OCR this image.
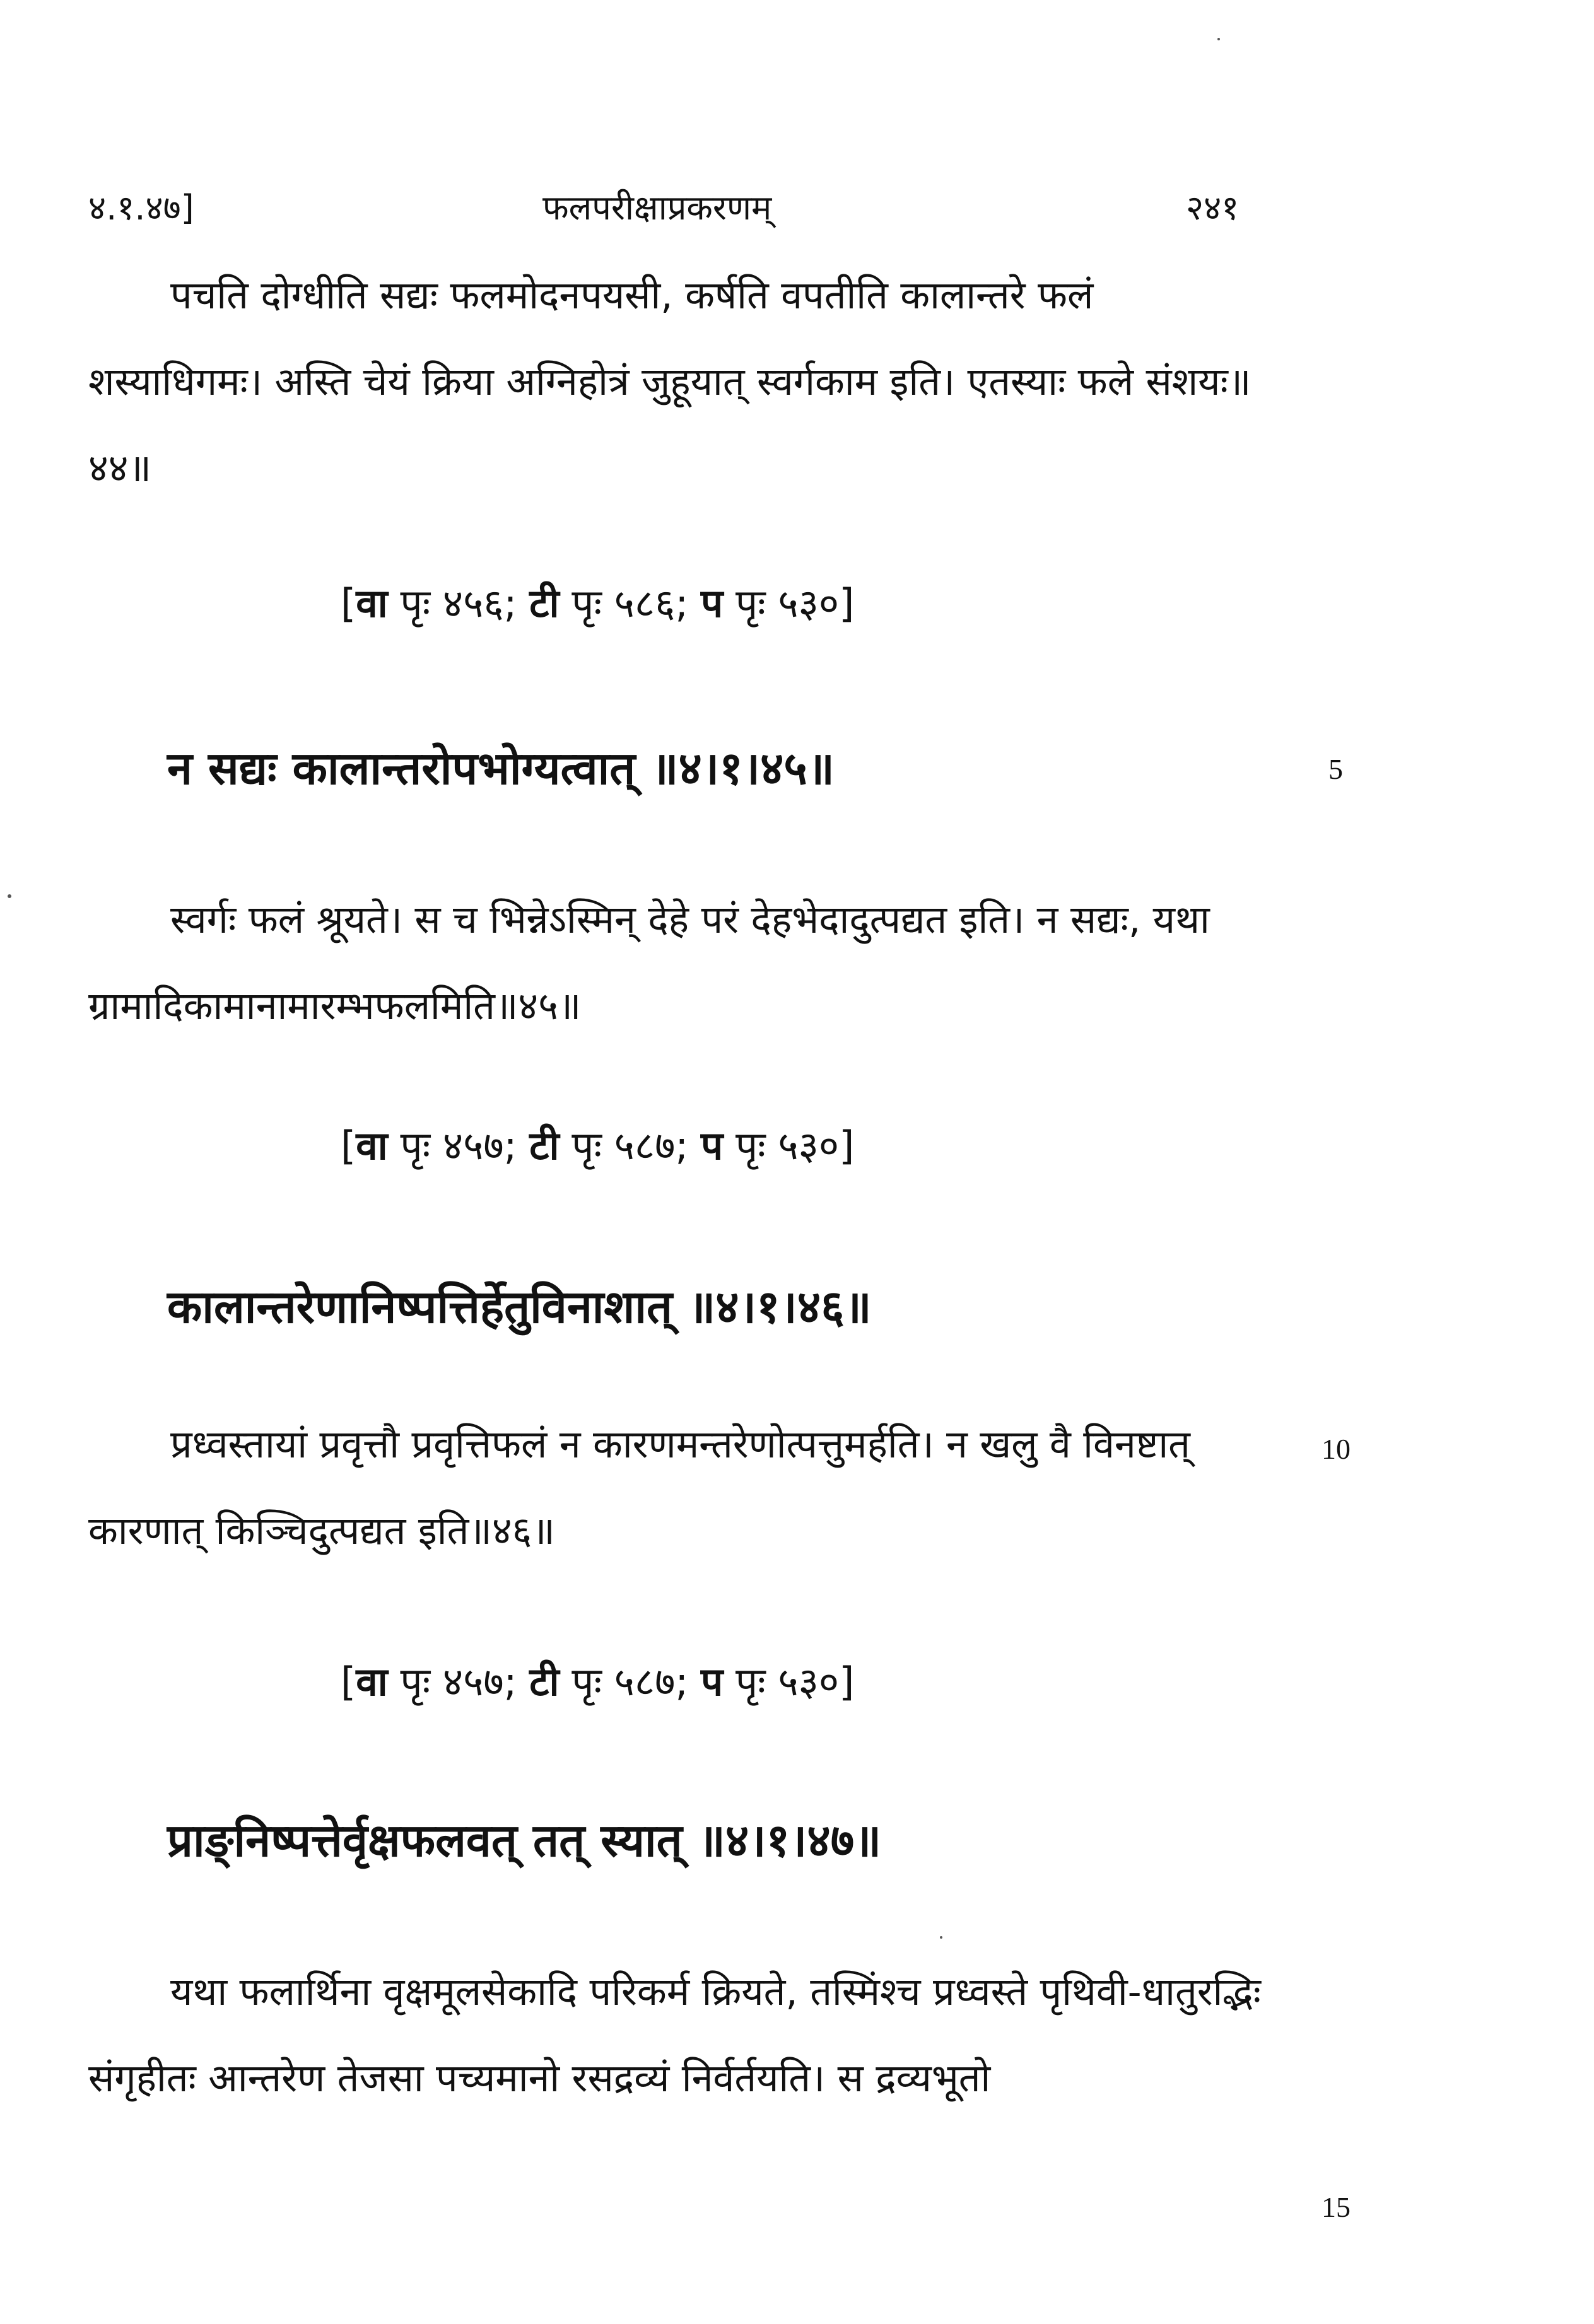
४.१.४७]	फलपरीक्षाप्रकरणम्	२४१

पचति दोग्धीति सद्यः फलमोदनपयसी, कर्षति वपतीति कालान्तरे फलं शस्याधिगमः। अस्ति चेयं क्रिया अग्निहोत्रं जुहूयात् स्वर्गकाम इति। एतस्याः फले संशयः॥४४॥

[वा पृः ४५६; टी पृः ५८६; प पृः ५३०]
न सद्यः कालान्तरोपभोग्यत्वात् ॥४।१।४५॥	5

स्वर्गः फलं श्रूयते। स च भिन्नेऽस्मिन् देहे परं देहभेदादुत्पद्यत इति। न सद्यः, यथा ग्रामादिकामानामारम्भफलमिति॥४५॥

[वा पृः ४५७; टी पृः ५८७; प पृः ५३०]
कालान्तरेणानिष्पत्तिर्हेतुविनाशात् ॥४।१।४६॥

प्रध्वस्तायां प्रवृत्तौ प्रवृत्तिफलं न कारणमन्तरेणोत्पत्तुमर्हति। न खलु वै विनष्टात् कारणात् किञ्चिदुत्पद्यत इति॥४६॥

10
[वा पृः ४५७; टी पृः ५८७; प पृः ५३०]
प्राङ्निष्पत्तेर्वृक्षफलवत् तत् स्यात् ॥४।१।४७॥

यथा फलार्थिना वृक्षमूलसेकादि परिकर्म क्रियते, तस्मिंश्च प्रध्वस्ते पृथिवी-धातुरद्भिः संगृहीतः आन्तरेण तेजसा पच्यमानो रसद्रव्यं निर्वर्तयति। स द्रव्यभूतो

15
